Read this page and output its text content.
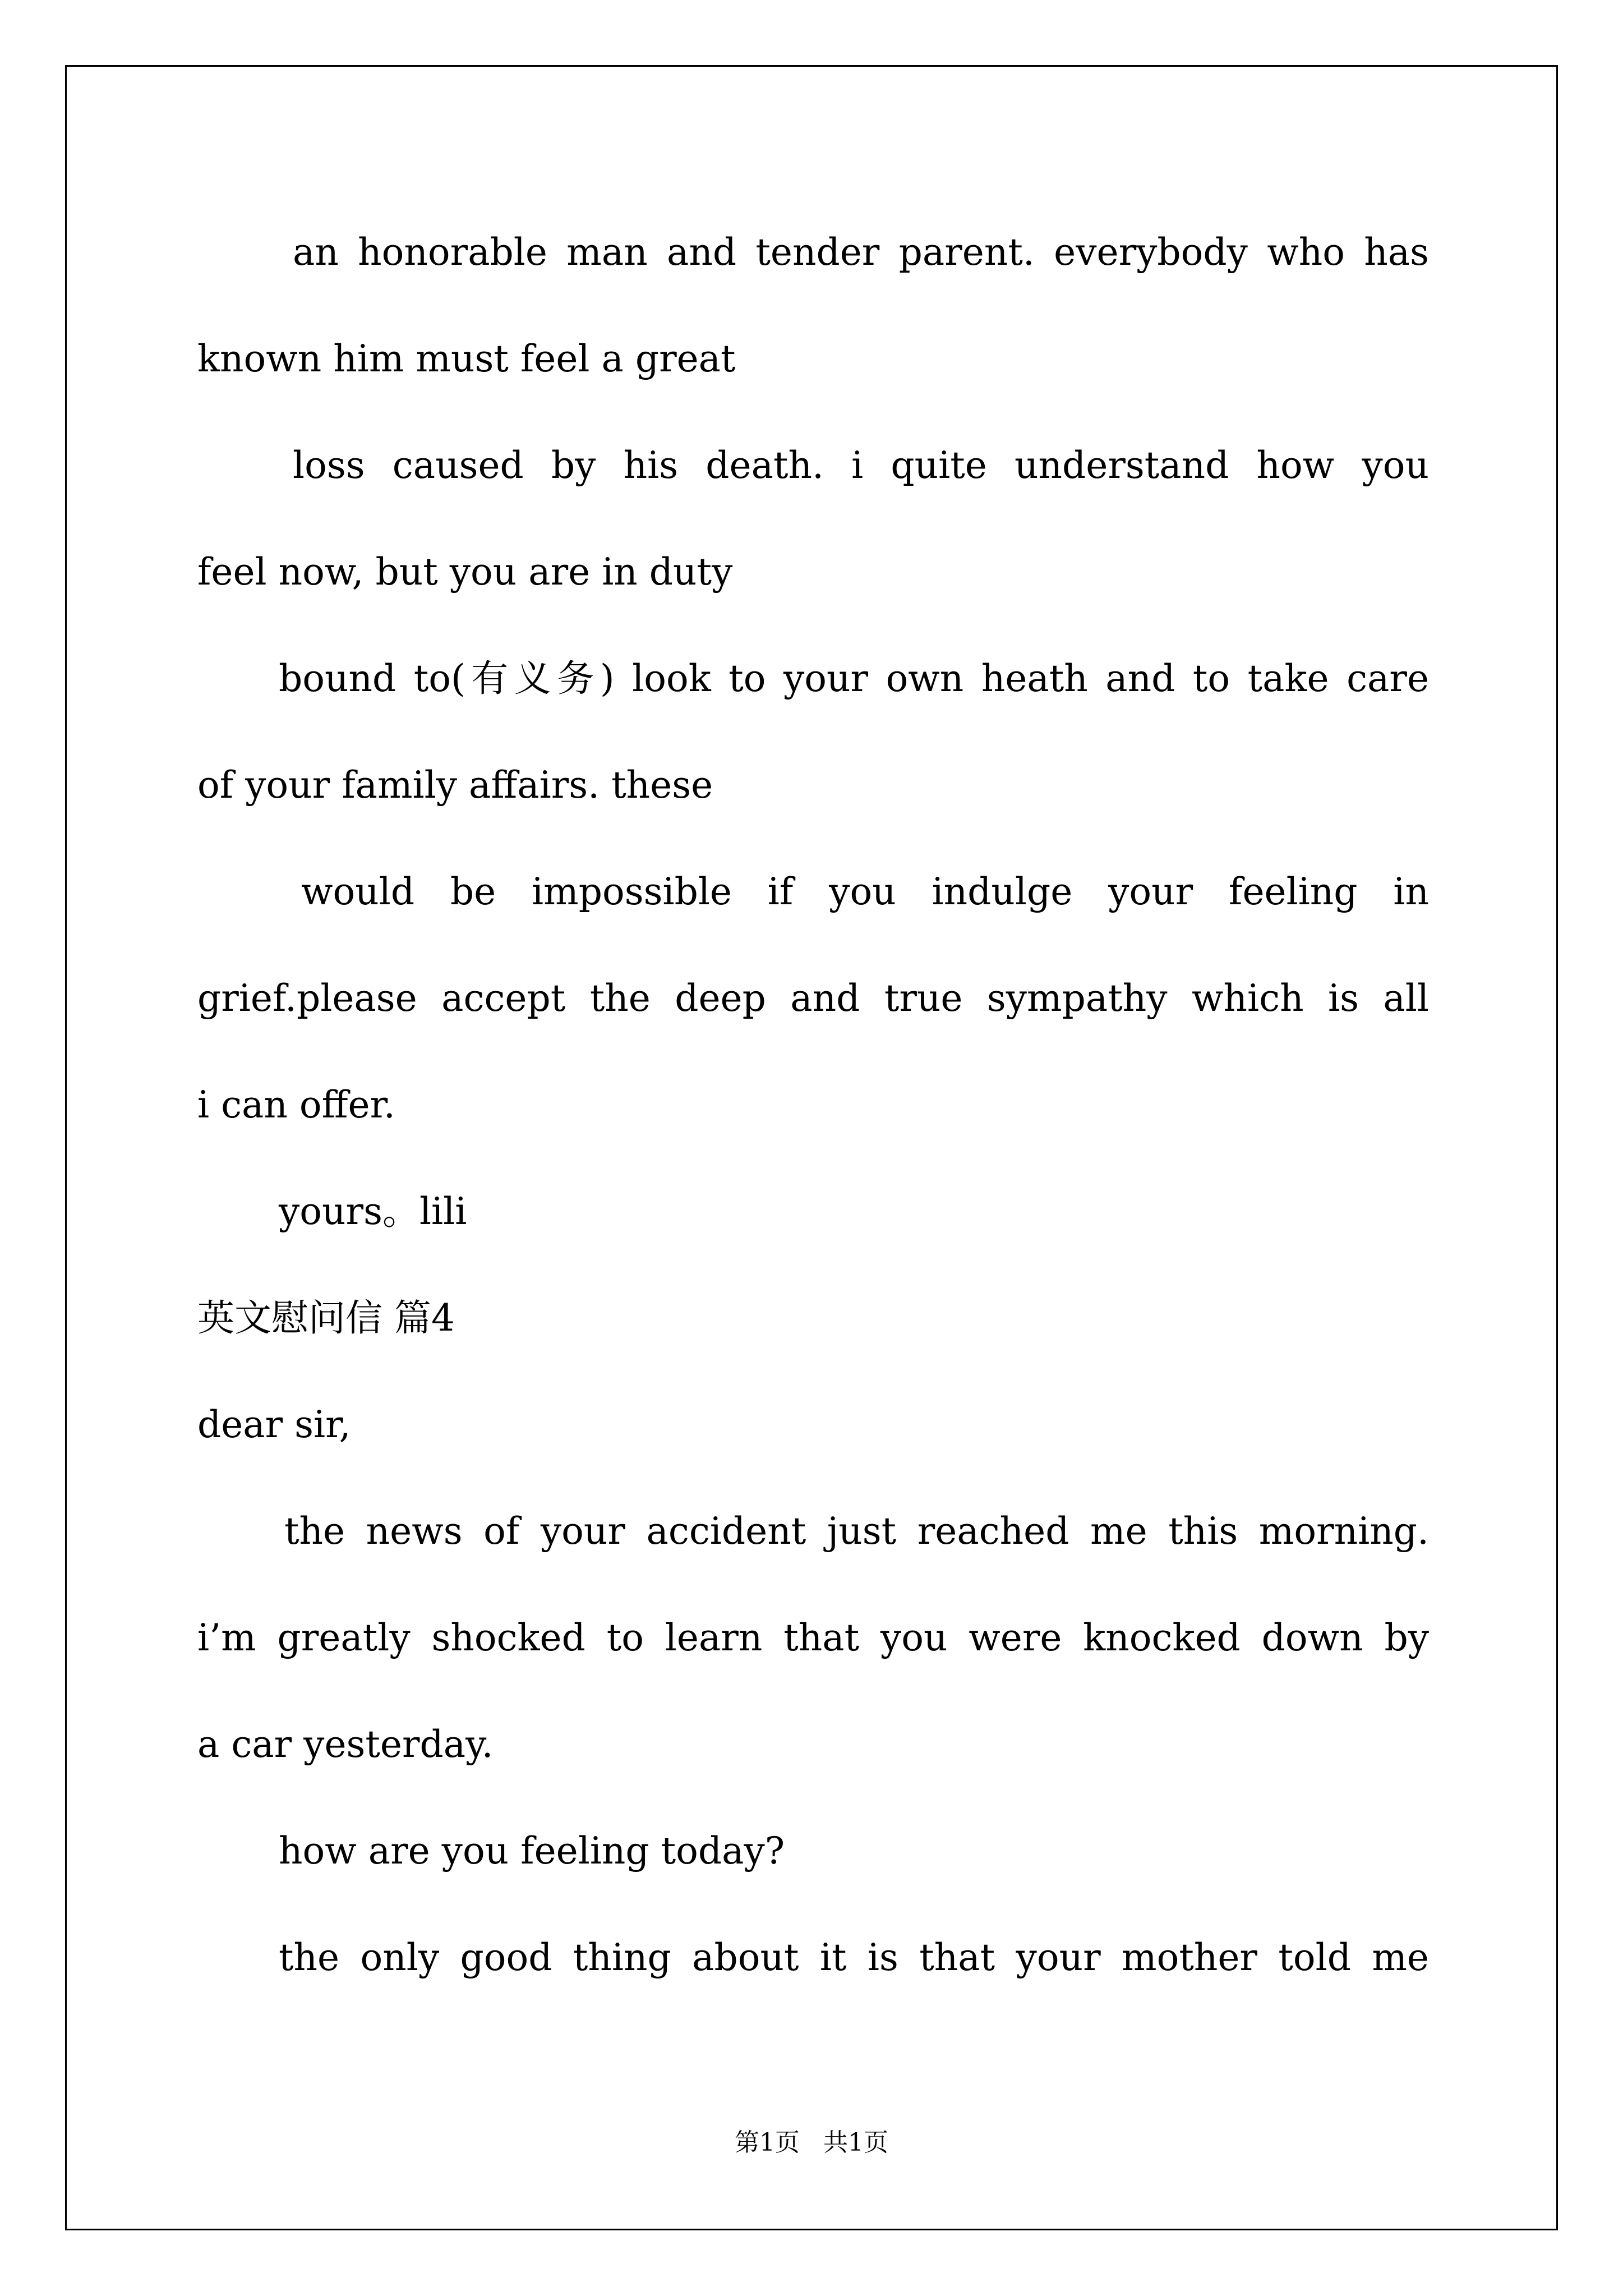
an honorable man and tender parent. everybody who has
known him must feel a great
loss caused by his death. i quite understand how you
feel now, but you are in duty
bound to(有义务) look to your own heath and to take care
of your family affairs. these
would be impossible if you indulge your feeling in
grief.please accept the deep and true sympathy which is all
i can offer.
yours。lili
英文慰问信 篇4
dear sir,
the news of your accident just reached me this morning.
i’m greatly shocked to learn that you were knocked down by
a car yesterday.
how are you feeling today?
the only good thing about it is that your mother told me
第1页   共1页
